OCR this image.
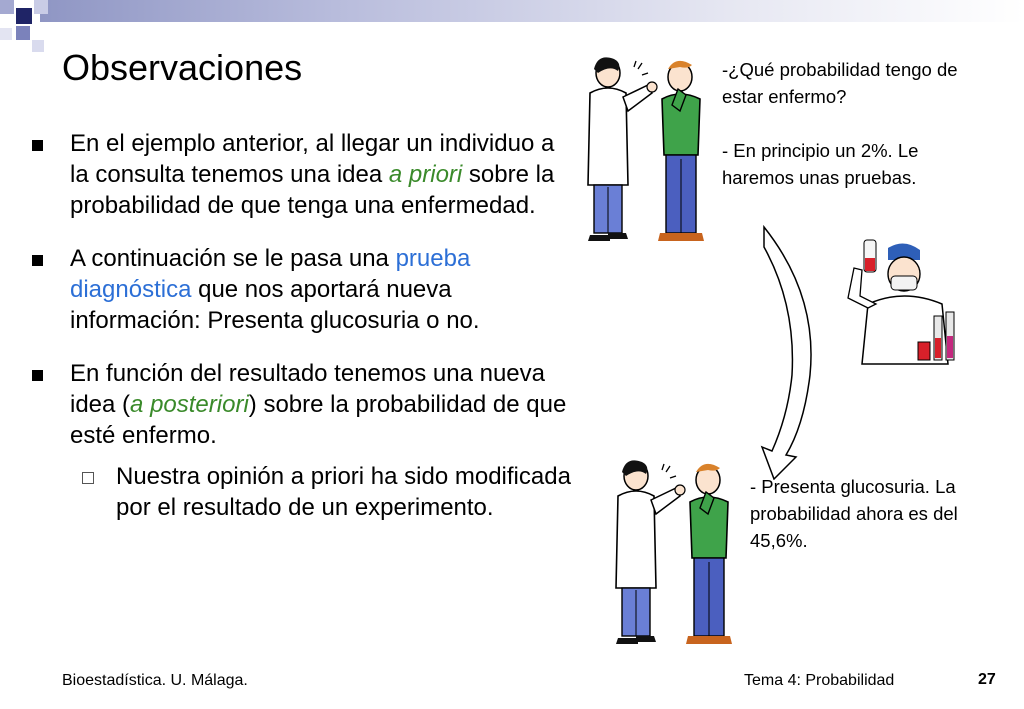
Observaciones
En el ejemplo anterior, al llegar un individuo a la consulta tenemos una idea a priori sobre la probabilidad de que tenga una enfermedad.
A continuación se le pasa una prueba diagnóstica que nos aportará nueva información: Presenta glucosuria o no.
En función del resultado tenemos una nueva idea (a posteriori) sobre la probabilidad de que esté enfermo.
Nuestra opinión a priori ha sido modificada por el resultado de un experimento.
-¿Qué probabilidad tengo de estar enfermo?
- En principio un 2%. Le haremos unas pruebas.
- Presenta glucosuria. La probabilidad ahora es del 45,6%.
Bioestadística. U. Málaga.	Tema 4: Probabilidad	27
